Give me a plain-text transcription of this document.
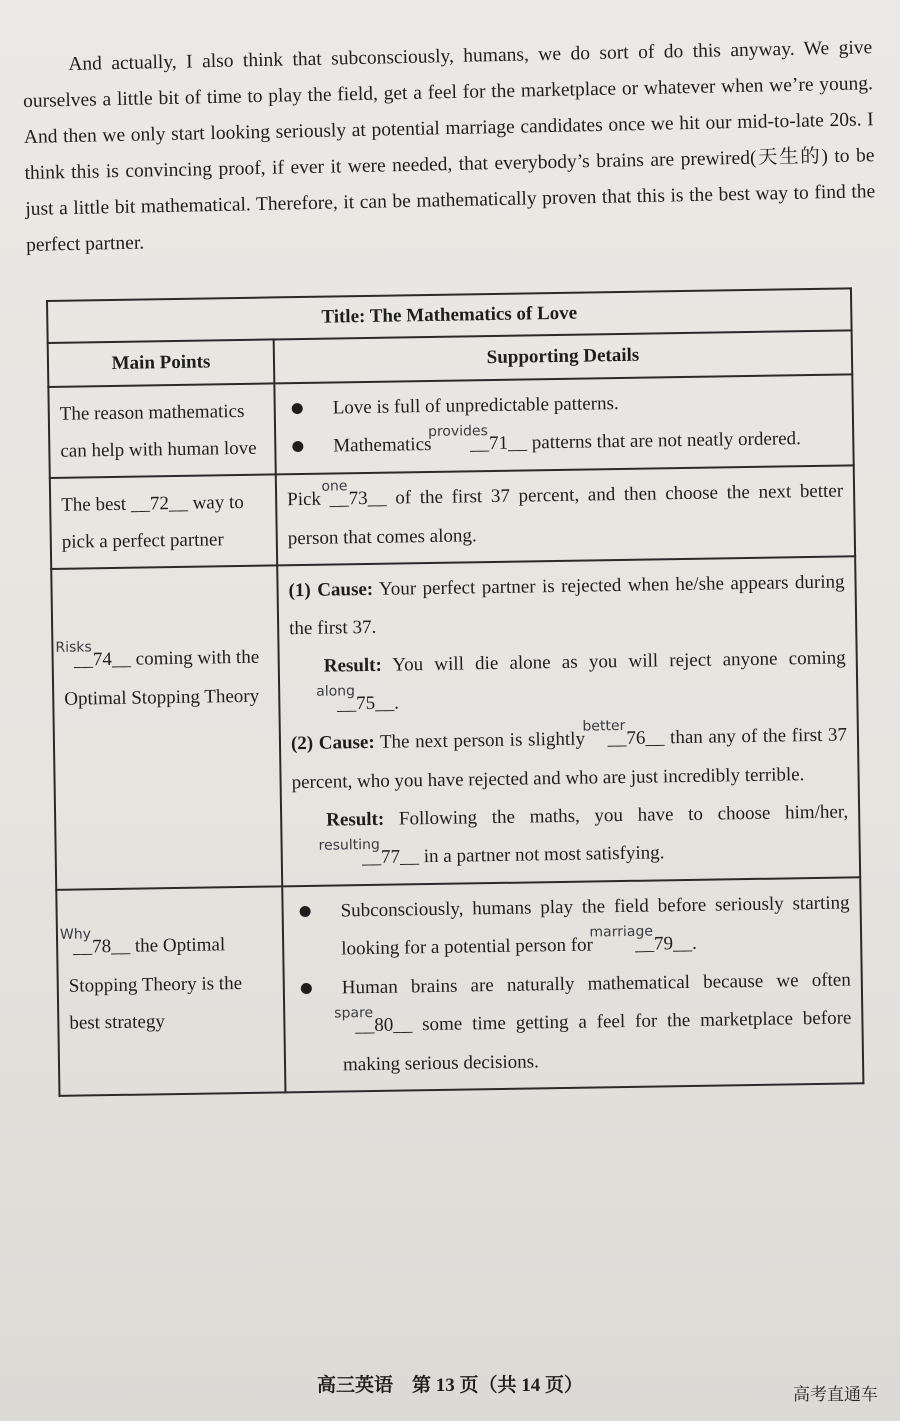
And actually, I also think that subconsciously, humans, we do sort of do this anyway. We give ourselves a little bit of time to play the field, get a feel for the marketplace or whatever when we’re young. And then we only start looking seriously at potential marriage candidates once we hit our mid-to-late 20s. I think this is convincing proof, if ever it were needed, that everybody’s brains are prewired(天生的) to be just a little bit mathematical. Therefore, it can be mathematically proven that this is the best way to find the perfect partner.

Title: The Mathematics of Love	
Main Points	Supporting Details
The reason mathematics can help with human love	Love is full of unpredictable patterns.
Mathematics $^{provides}$__71__ patterns that are not neatly ordered.

The best __72__ way to pick a perfect partner	Pick $^{one}$__73__ of the first 37 percent, and then choose the next better person that comes along.
$^{Risks}$__74__ coming with the Optimal Stopping Theory	(1) Cause: Your perfect partner is rejected when he/she appears during the first 37.
Result: You will die alone as you will reject anyone coming $^{along}$__75__.
(2) Cause: The next person is slightly $^{better}$__76__ than any of the first 37 percent, who you have rejected and who are just incredibly terrible.
Result: Following the maths, you have to choose him/her, $^{resulting}$__77__ in a partner not most satisfying.

$^{Why}$__78__ the Optimal Stopping Theory is the best strategy	Subconsciously, humans play the field before seriously starting looking for a potential person for $^{marriage}$__79__.
Human brains are naturally mathematical because we often $^{spare}$__80__ some time getting a feel for the marketplace before making serious decisions.
高三英语　第 13 页（共 14 页）	高考直通车
